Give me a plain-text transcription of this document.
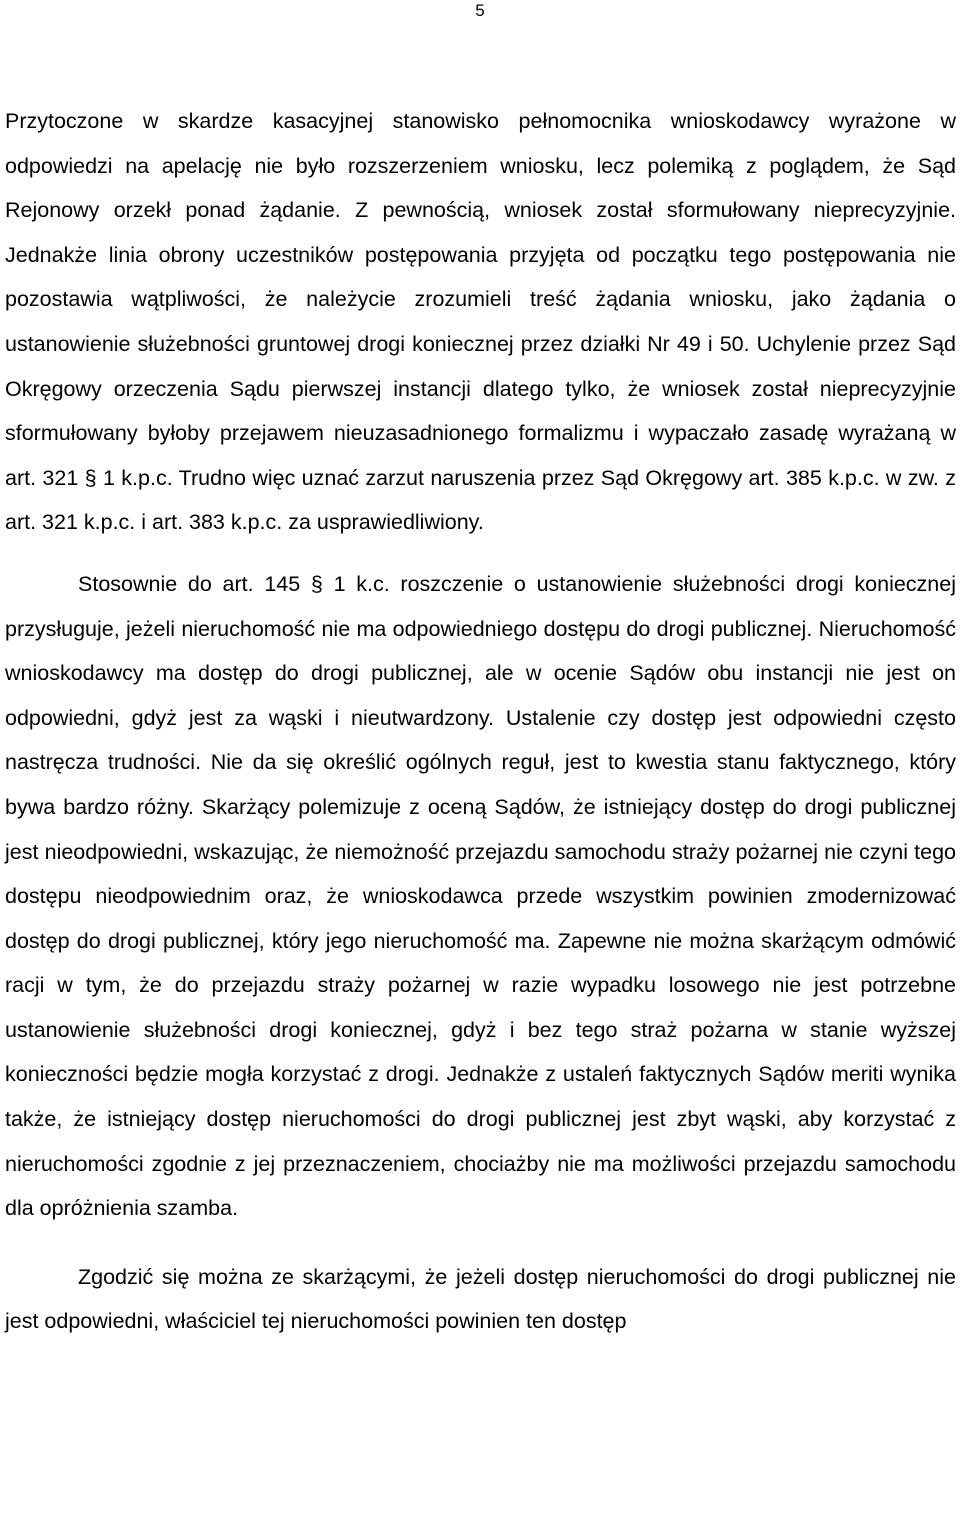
5

Przytoczone w skardze kasacyjnej stanowisko pełnomocnika wnioskodawcy wyrażone w odpowiedzi na apelację nie było rozszerzeniem wniosku, lecz polemiką z poglądem, że Sąd Rejonowy orzekł ponad żądanie. Z pewnością, wniosek został sformułowany nieprecyzyjnie. Jednakże linia obrony uczestników postępowania przyjęta od początku tego postępowania nie pozostawia wątpliwości, że należycie zrozumieli treść żądania wniosku, jako żądania o ustanowienie służebności gruntowej drogi koniecznej przez działki Nr 49 i 50. Uchylenie przez Sąd Okręgowy orzeczenia Sądu pierwszej instancji dlatego tylko, że wniosek został nieprecyzyjnie sformułowany byłoby przejawem nieuzasadnionego formalizmu i wypaczało zasadę wyrażaną w art. 321 § 1 k.p.c. Trudno więc uznać zarzut naruszenia przez Sąd Okręgowy art. 385 k.p.c. w zw. z art. 321 k.p.c. i art. 383 k.p.c. za usprawiedliwiony.

Stosownie do art. 145 § 1 k.c. roszczenie o ustanowienie służebności drogi koniecznej przysługuje, jeżeli nieruchomość nie ma odpowiedniego dostępu do drogi publicznej. Nieruchomość wnioskodawcy ma dostęp do drogi publicznej, ale w ocenie Sądów obu instancji nie jest on odpowiedni, gdyż jest za wąski i nieutwardzony. Ustalenie czy dostęp jest odpowiedni często nastręcza trudności. Nie da się określić ogólnych reguł, jest to kwestia stanu faktycznego, który bywa bardzo różny. Skarżący polemizuje z oceną Sądów, że istniejący dostęp do drogi publicznej jest nieodpowiedni, wskazując, że niemożność przejazdu samochodu straży pożarnej nie czyni tego dostępu nieodpowiednim oraz, że wnioskodawca przede wszystkim powinien zmodernizować dostęp do drogi publicznej, który jego nieruchomość ma. Zapewne nie można skarżącym odmówić racji w tym, że do przejazdu straży pożarnej w razie wypadku losowego nie jest potrzebne ustanowienie służebności drogi koniecznej, gdyż i bez tego straż pożarna w stanie wyższej konieczności będzie mogła korzystać z drogi. Jednakże z ustaleń faktycznych Sądów meriti wynika także, że istniejący dostęp nieruchomości do drogi publicznej jest zbyt wąski, aby korzystać z nieruchomości zgodnie z jej przeznaczeniem, chociażby nie ma możliwości przejazdu samochodu dla opróżnienia szamba.

Zgodzić się można ze skarżącymi, że jeżeli dostęp nieruchomości do drogi publicznej nie jest odpowiedni, właściciel tej nieruchomości powinien ten dostęp
